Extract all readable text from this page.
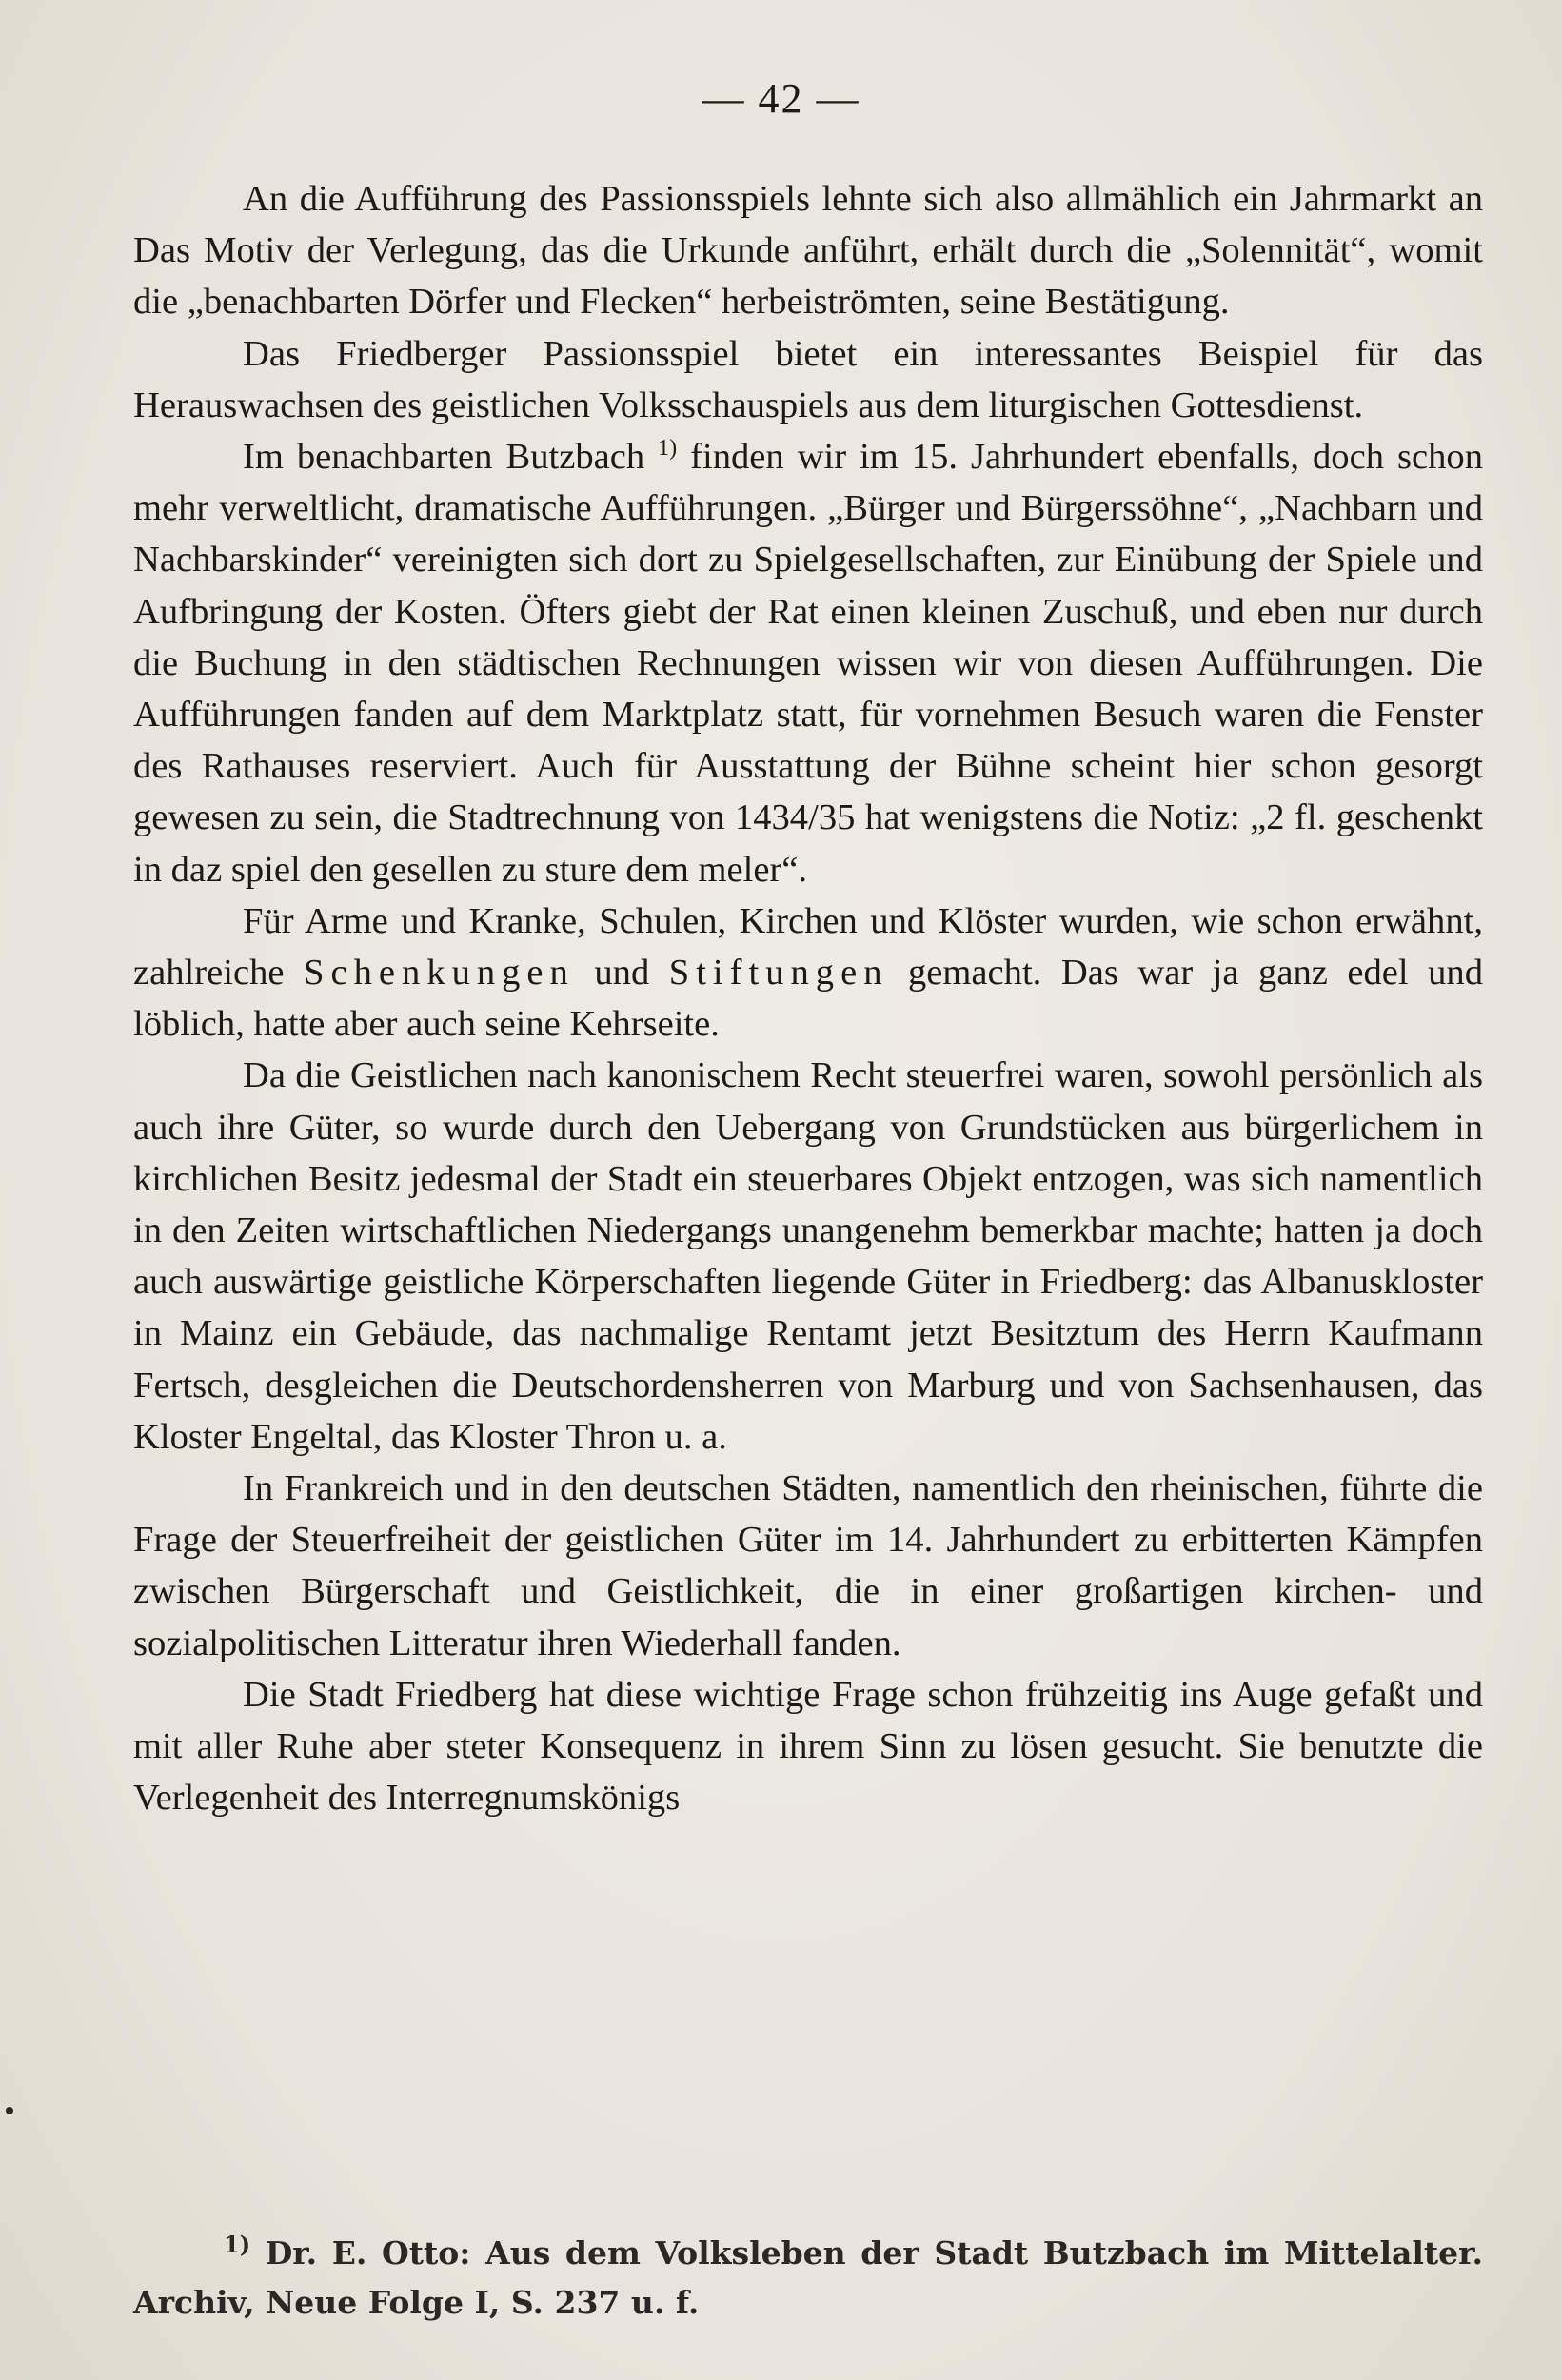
— 42 —

An die Aufführung des Passionsspiels lehnte sich also allmählich ein Jahrmarkt an Das Motiv der Verlegung, das die Urkunde anführt, erhält durch die „Solennität“, womit die „benachbarten Dörfer und Flecken“ herbeiströmten, seine Bestätigung.

Das Friedberger Passionsspiel bietet ein interessantes Beispiel für das Herauswachsen des geistlichen Volksschauspiels aus dem liturgischen Gottesdienst.

Im benachbarten Butzbach $^{1)}$ finden wir im 15. Jahrhundert ebenfalls, doch schon mehr verweltlicht, dramatische Aufführungen. „Bürger und Bürgerssöhne“, „Nachbarn und Nachbarskinder“ vereinigten sich dort zu Spielgesellschaften, zur Einübung der Spiele und Aufbringung der Kosten. Öfters giebt der Rat einen kleinen Zuschuß, und eben nur durch die Buchung in den städtischen Rechnungen wissen wir von diesen Aufführungen. Die Aufführungen fanden auf dem Marktplatz statt, für vornehmen Besuch waren die Fenster des Rathauses reserviert. Auch für Ausstattung der Bühne scheint hier schon gesorgt gewesen zu sein, die Stadtrechnung von 1434/35 hat wenigstens die Notiz: „2 fl. geschenkt in daz spiel den gesellen zu sture dem meler“.

Für Arme und Kranke, Schulen, Kirchen und Klöster wurden, wie schon erwähnt, zahlreiche Schenkungen und Stiftungen gemacht. Das war ja ganz edel und löblich, hatte aber auch seine Kehrseite.

Da die Geistlichen nach kanonischem Recht steuerfrei waren, sowohl persönlich als auch ihre Güter, so wurde durch den Uebergang von Grundstücken aus bürgerlichem in kirchlichen Besitz jedesmal der Stadt ein steuerbares Objekt entzogen, was sich namentlich in den Zeiten wirtschaftlichen Niedergangs unangenehm bemerkbar machte; hatten ja doch auch auswärtige geistliche Körperschaften liegende Güter in Friedberg: das Albanuskloster in Mainz ein Gebäude, das nachmalige Rentamt jetzt Besitztum des Herrn Kaufmann Fertsch, desgleichen die Deutschordensherren von Marburg und von Sachsenhausen, das Kloster Engeltal, das Kloster Thron u. a.

In Frankreich und in den deutschen Städten, namentlich den rheinischen, führte die Frage der Steuerfreiheit der geistlichen Güter im 14. Jahrhundert zu erbitterten Kämpfen zwischen Bürgerschaft und Geistlichkeit, die in einer großartigen kirchen- und sozialpolitischen Litteratur ihren Wiederhall fanden.

Die Stadt Friedberg hat diese wichtige Frage schon frühzeitig ins Auge gefaßt und mit aller Ruhe aber steter Konsequenz in ihrem Sinn zu lösen gesucht. Sie benutzte die Verlegenheit des Interregnumskönigs

$^{1)}$ Dr. E. Otto: Aus dem Volksleben der Stadt Butzbach im Mittelalter. Archiv, Neue Folge I, S. 237 u. f.
